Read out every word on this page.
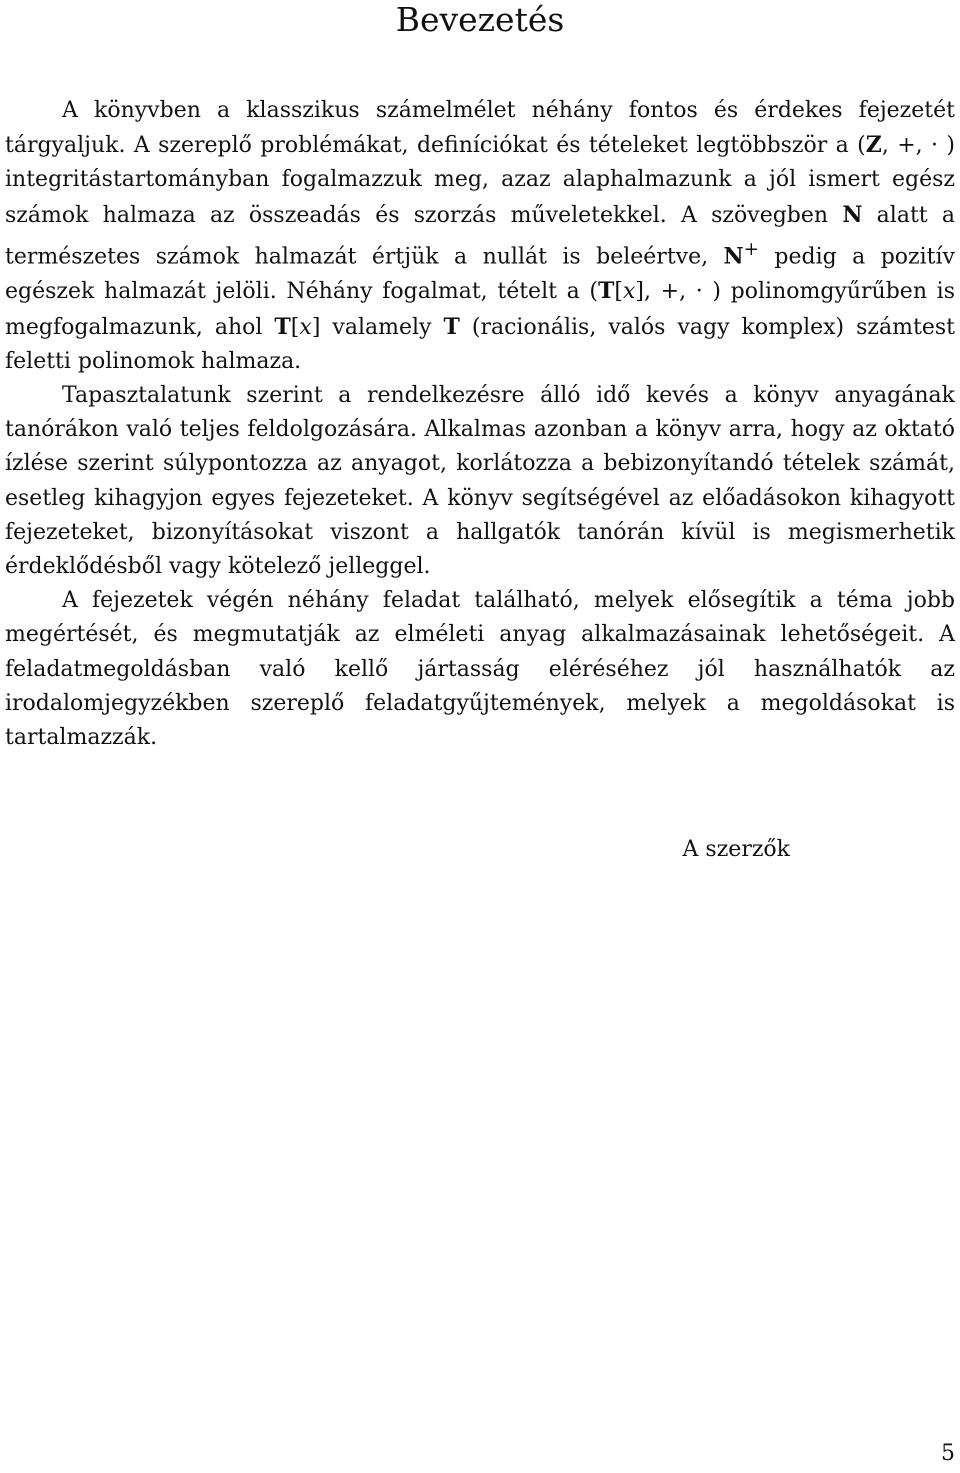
Bevezetés

A könyvben a klasszikus számelmélet néhány fontos és érdekes fejezetét tárgyaljuk. A szereplő problémákat, definíciókat és tételeket legtöbbször a (Z, +, · ) integritástartományban fogalmazzuk meg, azaz alaphalmazunk a jól ismert egész számok halmaza az összeadás és szorzás műveletekkel. A szövegben N alatt a természetes számok halmazát értjük a nullát is beleértve, N+ pedig a pozitív egészek halmazát jelöli. Néhány fogalmat, tételt a (T[x], +, · ) polinomgyűrűben is megfogalmazunk, ahol T[x] valamely T (racionális, valós vagy komplex) számtest feletti polinomok halmaza.

Tapasztalatunk szerint a rendelkezésre álló idő kevés a könyv anyagának tanórákon való teljes feldolgozására. Alkalmas azonban a könyv arra, hogy az oktató ízlése szerint súlypontozza az anyagot, korlátozza a bebizonyítandó tételek számát, esetleg kihagyjon egyes fejezeteket. A könyv segítségével az előadásokon kihagyott fejezeteket, bizonyításokat viszont a hallgatók tanórán kívül is megismerhetik érdeklődésből vagy kötelező jelleggel.

A fejezetek végén néhány feladat található, melyek elősegítik a téma jobb megértését, és megmutatják az elméleti anyag alkalmazásainak lehetőségeit. A feladatmegoldásban való kellő jártasság eléréséhez jól használhatók az irodalomjegyzékben szereplő feladatgyűjtemények, melyek a megoldásokat is tartalmazzák.

A szerzők

5
